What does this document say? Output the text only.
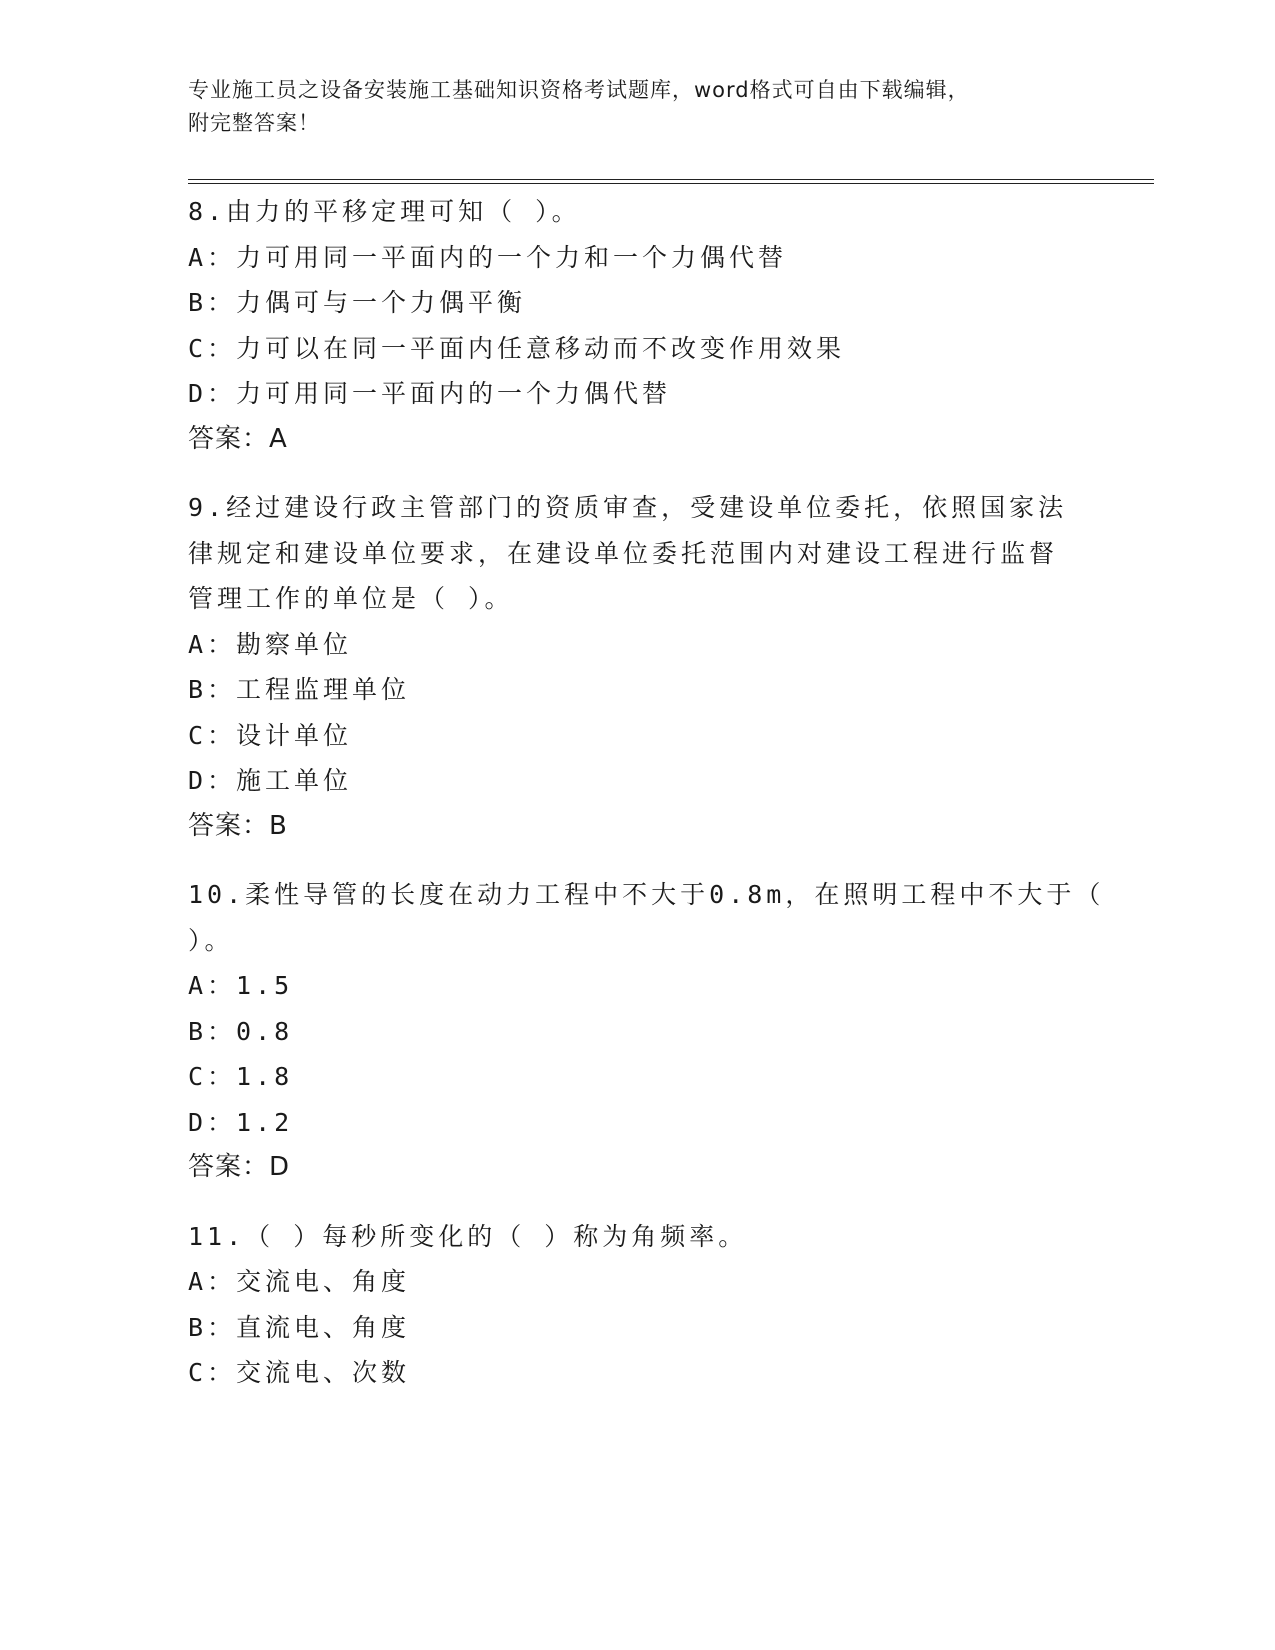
专业施工员之设备安装施工基础知识资格考试题库，word格式可自由下载编辑，
附完整答案！
8.由力的平移定理可知（ ）。
A：力可用同一平面内的一个力和一个力偶代替
B：力偶可与一个力偶平衡
C：力可以在同一平面内任意移动而不改变作用效果
D：力可用同一平面内的一个力偶代替
答案：A
9.经过建设行政主管部门的资质审查，受建设单位委托，依照国家法
律规定和建设单位要求，在建设单位委托范围内对建设工程进行监督
管理工作的单位是（ ）。
A：勘察单位
B：工程监理单位
C：设计单位
D：施工单位
答案：B
10.柔性导管的长度在动力工程中不大于0.8m，在照明工程中不大于（
）。
A：1.5
B：0.8
C：1.8
D：1.2
答案：D
11.（ ）每秒所变化的（ ）称为角频率。
A：交流电、角度
B：直流电、角度
C：交流电、次数
